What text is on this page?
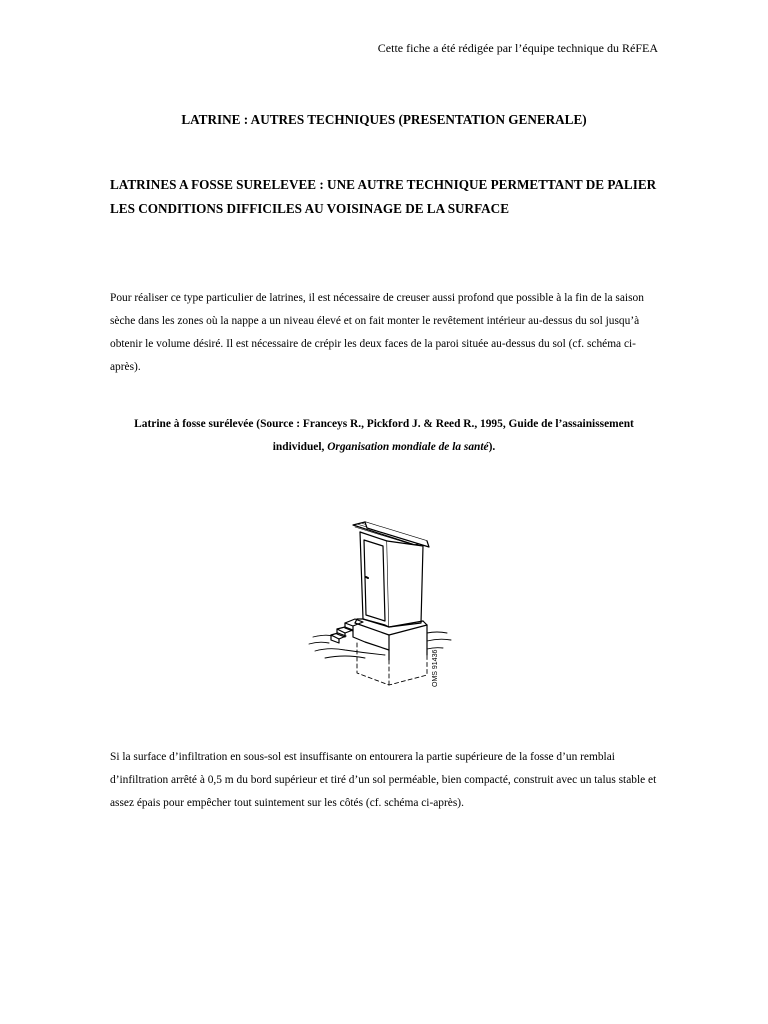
Cette fiche a été rédigée par l’équipe technique du RéFEA
LATRINE : AUTRES TECHNIQUES (PRESENTATION GENERALE)
LATRINES A FOSSE SURELEVEE : UNE AUTRE TECHNIQUE PERMETTANT DE PALIER LES CONDITIONS DIFFICILES AU VOISINAGE DE LA SURFACE

Pour réaliser ce type particulier de latrines, il est nécessaire de creuser aussi profond que possible à la fin de la saison sèche dans les zones où la nappe a un niveau élevé et on fait monter le revêtement intérieur au-dessus du sol jusqu’à obtenir le volume désiré. Il est nécessaire de crépir les deux faces de la paroi située au-dessus du sol (cf. schéma ci-après).

Latrine à fosse surélevée (Source : Franceys R., Pickford J. & Reed R., 1995, Guide de l’assainissement individuel, Organisation mondiale de la santé).

OMS 91436

Si la surface d’infiltration en sous-sol est insuffisante on entourera la partie supérieure de la fosse d’un remblai d’infiltration arrêté à 0,5 m du bord supérieur et tiré d’un sol perméable, bien compacté, construit avec un talus stable et assez épais pour empêcher tout suintement sur les côtés (cf. schéma ci-après).
